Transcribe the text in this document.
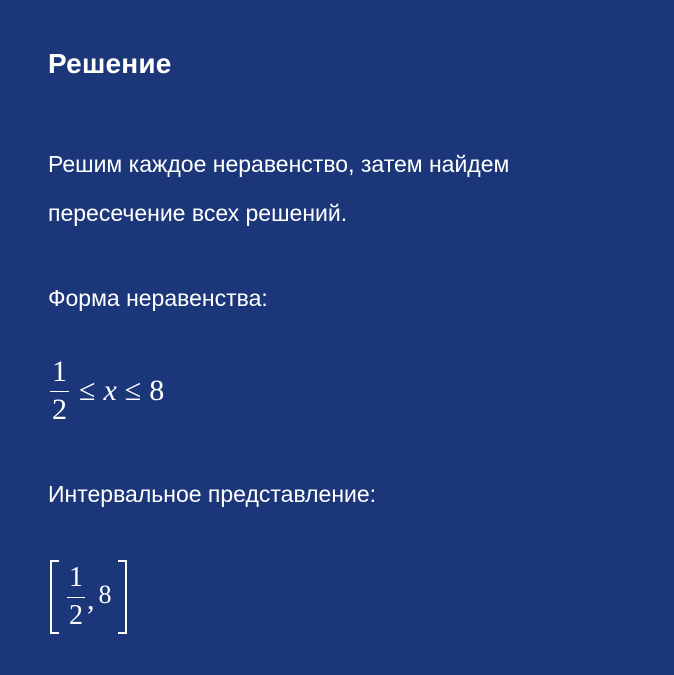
Решение
Решим каждое неравенство, затем найдем пересечение всех решений.
Форма неравенства:
$\frac{1}{2} \le x \le 8$
Интервальное представление:
$\frac{1}{2}$ , 8
